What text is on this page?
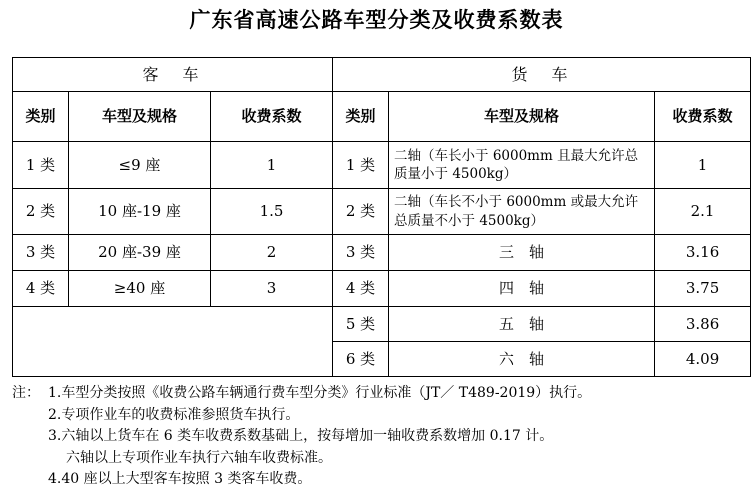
广东省高速公路车型分类及收费系数表
客　车			货　车		
类别	车型及规格	收费系数	类别	车型及规格	收费系数
1 类	≤9 座	1	1 类	二轴（车长小于 6000mm 且最大允许总质量小于 4500kg）	1
2 类	10 座-19 座	1.5	2 类	二轴（车长不小于 6000mm 或最大允许总质量不小于 4500kg）	2.1
3 类	20 座-39 座	2	3 类	三　轴	3.16
4 类	≥40 座	3	4 类	四　轴	3.75
			5 类	五　轴	3.86
			6 类	六　轴	4.09
注： 1.车型分类按照《收费公路车辆通行费车型分类》行业标准（JT／ T489-2019）执行。
2.专项作业车的收费标准参照货车执行。
3.六轴以上货车在 6 类车收费系数基础上，按每增加一轴收费系数增加 0.17 计。
六轴以上专项作业车执行六轴车收费标准。
4.40 座以上大型客车按照 3 类客车收费。
